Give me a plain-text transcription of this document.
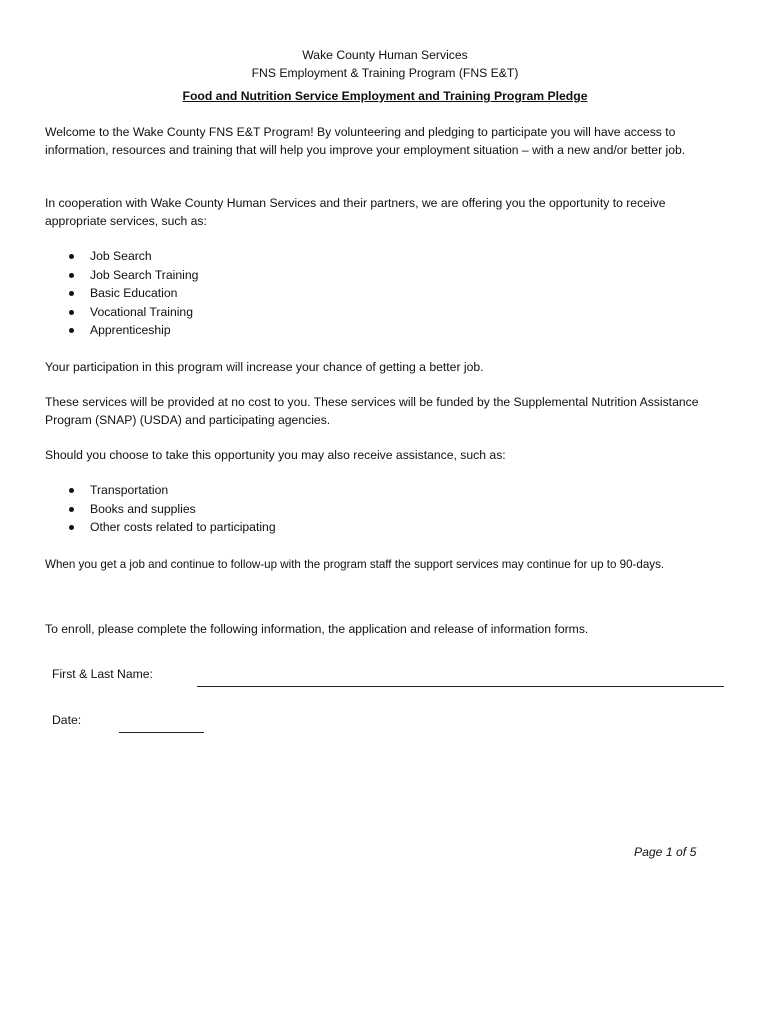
Wake County Human Services
FNS Employment & Training Program (FNS E&T)
Food and Nutrition Service Employment and Training Program Pledge
Welcome to the Wake County FNS E&T Program! By volunteering and pledging to participate you will have access to information, resources and training that will help you improve your employment situation – with a new and/or better job.
In cooperation with Wake County Human Services and their partners, we are offering you the opportunity to receive appropriate services, such as:
Job Search
Job Search Training
Basic Education
Vocational Training
Apprenticeship
Your participation in this program will increase your chance of getting a better job.
These services will be provided at no cost to you. These services will be funded by the Supplemental Nutrition Assistance Program (SNAP) (USDA) and participating agencies.
Should you choose to take this opportunity you may also receive assistance, such as:
Transportation
Books and supplies
Other costs related to participating
When you get a job and continue to follow-up with the program staff the support services may continue for up to 90-days.
To enroll, please complete the following information, the application and release of information forms.
First & Last Name:
Date:
Page 1 of 5
